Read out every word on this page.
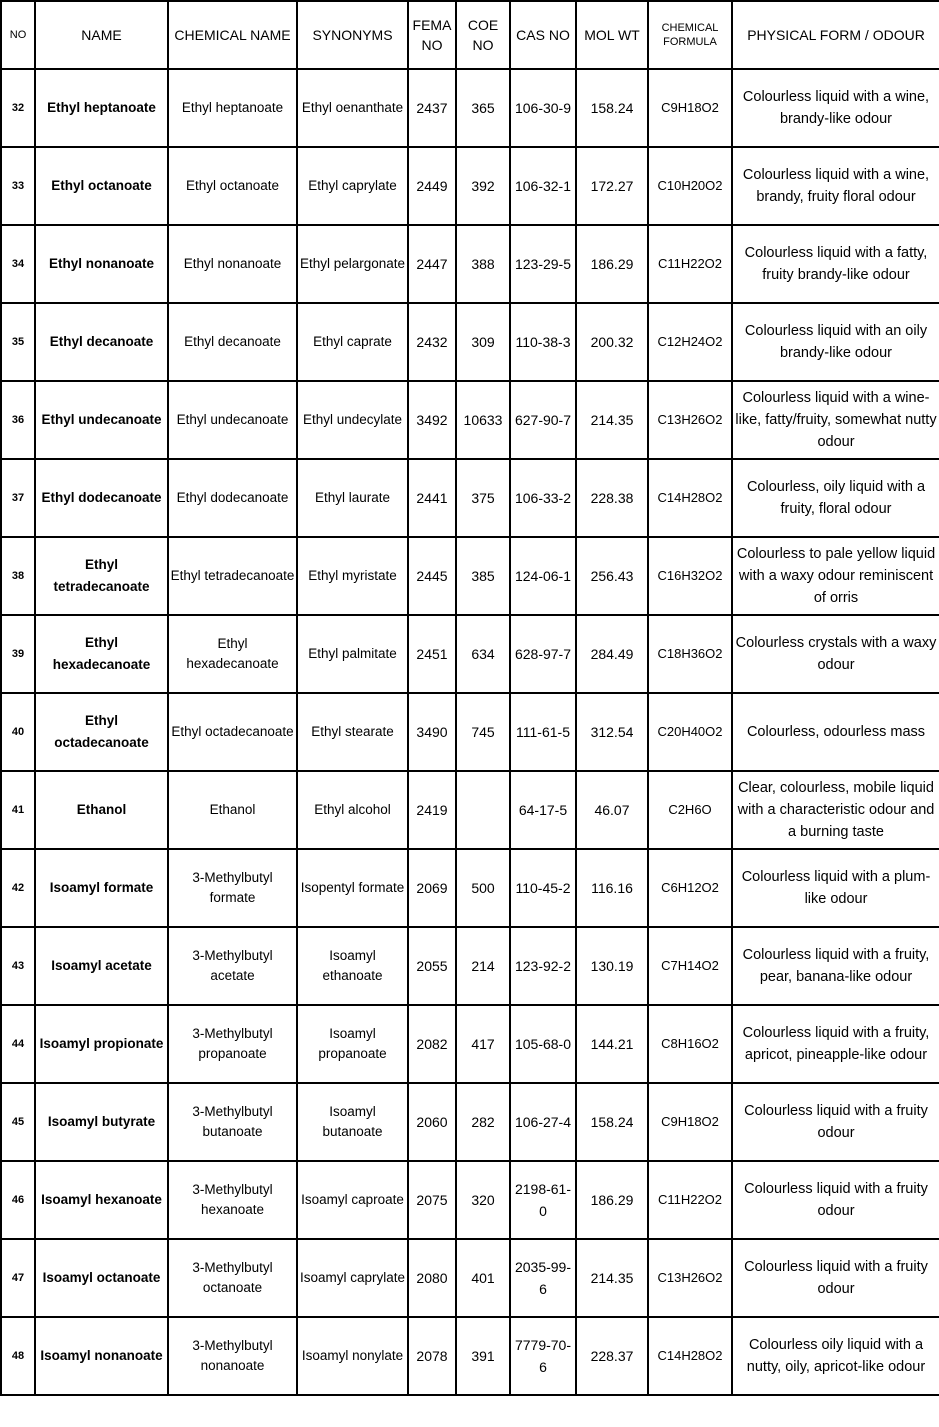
NO	NAME	CHEMICAL NAME	SYNONYMS	FEMA NO	COE NO	CAS NO	MOL WT	CHEMICAL FORMULA	PHYSICAL FORM / ODOUR
32	Ethyl heptanoate	Ethyl heptanoate	Ethyl oenanthate	2437	365	106-30-9	158.24	C9H18O2	Colourless liquid with a wine, brandy-like odour
33	Ethyl octanoate	Ethyl octanoate	Ethyl caprylate	2449	392	106-32-1	172.27	C10H20O2	Colourless liquid with a wine, brandy, fruity floral odour
34	Ethyl nonanoate	Ethyl nonanoate	Ethyl pelargonate	2447	388	123-29-5	186.29	C11H22O2	Colourless liquid with a fatty, fruity brandy-like odour
35	Ethyl decanoate	Ethyl decanoate	Ethyl caprate	2432	309	110-38-3	200.32	C12H24O2	Colourless liquid with an oily brandy-like odour
36	Ethyl undecanoate	Ethyl undecanoate	Ethyl undecylate	3492	10633	627-90-7	214.35	C13H26O2	Colourless liquid with a wine-like, fatty/fruity, somewhat nutty odour
37	Ethyl dodecanoate	Ethyl dodecanoate	Ethyl laurate	2441	375	106-33-2	228.38	C14H28O2	Colourless, oily liquid with a fruity, floral odour
38	Ethyl tetradecanoate	Ethyl tetradecanoate	Ethyl myristate	2445	385	124-06-1	256.43	C16H32O2	Colourless to pale yellow liquid with a waxy odour reminiscent of orris
39	Ethyl hexadecanoate	Ethyl hexadecanoate	Ethyl palmitate	2451	634	628-97-7	284.49	C18H36O2	Colourless crystals with a waxy odour
40	Ethyl octadecanoate	Ethyl octadecanoate	Ethyl stearate	3490	745	111-61-5	312.54	C20H40O2	Colourless, odourless mass
41	Ethanol	Ethanol	Ethyl alcohol	2419		64-17-5	46.07	C2H6O	Clear, colourless, mobile liquid with a characteristic odour and a burning taste
42	Isoamyl formate	3-Methylbutyl formate	Isopentyl formate	2069	500	110-45-2	116.16	C6H12O2	Colourless liquid with a plum-like odour
43	Isoamyl acetate	3-Methylbutyl acetate	Isoamyl ethanoate	2055	214	123-92-2	130.19	C7H14O2	Colourless liquid with a fruity, pear, banana-like odour
44	Isoamyl propionate	3-Methylbutyl propanoate	Isoamyl propanoate	2082	417	105-68-0	144.21	C8H16O2	Colourless liquid with a fruity, apricot, pineapple-like odour
45	Isoamyl butyrate	3-Methylbutyl butanoate	Isoamyl butanoate	2060	282	106-27-4	158.24	C9H18O2	Colourless liquid with a fruity odour
46	Isoamyl hexanoate	3-Methylbutyl hexanoate	Isoamyl caproate	2075	320	2198-61-0	186.29	C11H22O2	Colourless liquid with a fruity odour
47	Isoamyl octanoate	3-Methylbutyl octanoate	Isoamyl caprylate	2080	401	2035-99-6	214.35	C13H26O2	Colourless liquid with a fruity odour
48	Isoamyl nonanoate	3-Methylbutyl nonanoate	Isoamyl nonylate	2078	391	7779-70-6	228.37	C14H28O2	Colourless oily liquid with a nutty, oily, apricot-like odour
